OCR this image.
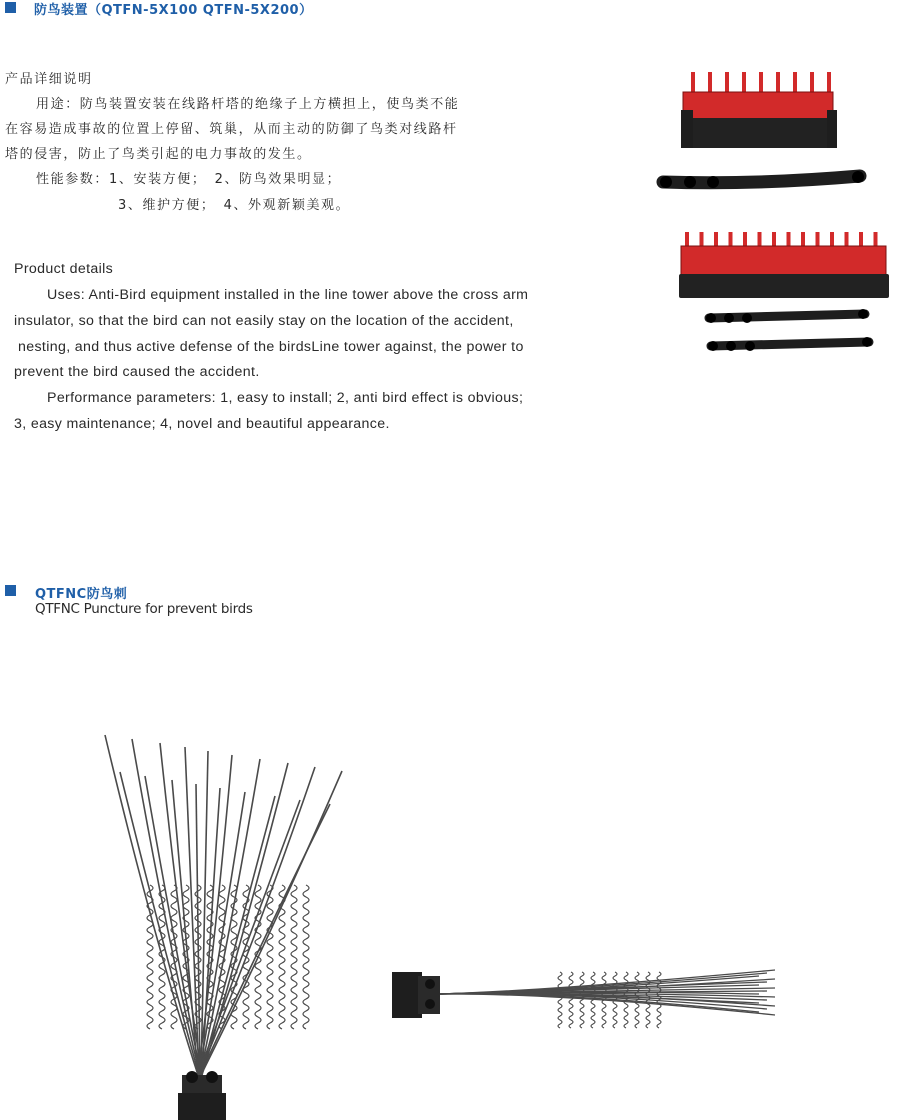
防鸟装置（QTFN-5X100 QTFN-5X200）
产品详细说明
用途：防鸟装置安装在线路杆塔的绝缘子上方横担上，使鸟类不能
在容易造成事故的位置上停留、筑巢，从而主动的防御了鸟类对线路杆
塔的侵害，防止了鸟类引起的电力事故的发生。
性能参数：1、安装方便；　2、防鸟效果明显；
3、维护方便；　4、外观新颖美观。
Product details
Uses: Anti-Bird equipment installed in the line tower above the cross arm
insulator, so that the bird can not easily stay on the location of the accident,
nesting, and thus active defense of the birdsLine tower against, the power to
prevent the bird caused the accident.
Performance parameters: 1, easy to install; 2, anti bird effect is obvious;
3, easy maintenance; 4, novel and beautiful appearance.
QTFNC防鸟刺
QTFNC Puncture for prevent birds
